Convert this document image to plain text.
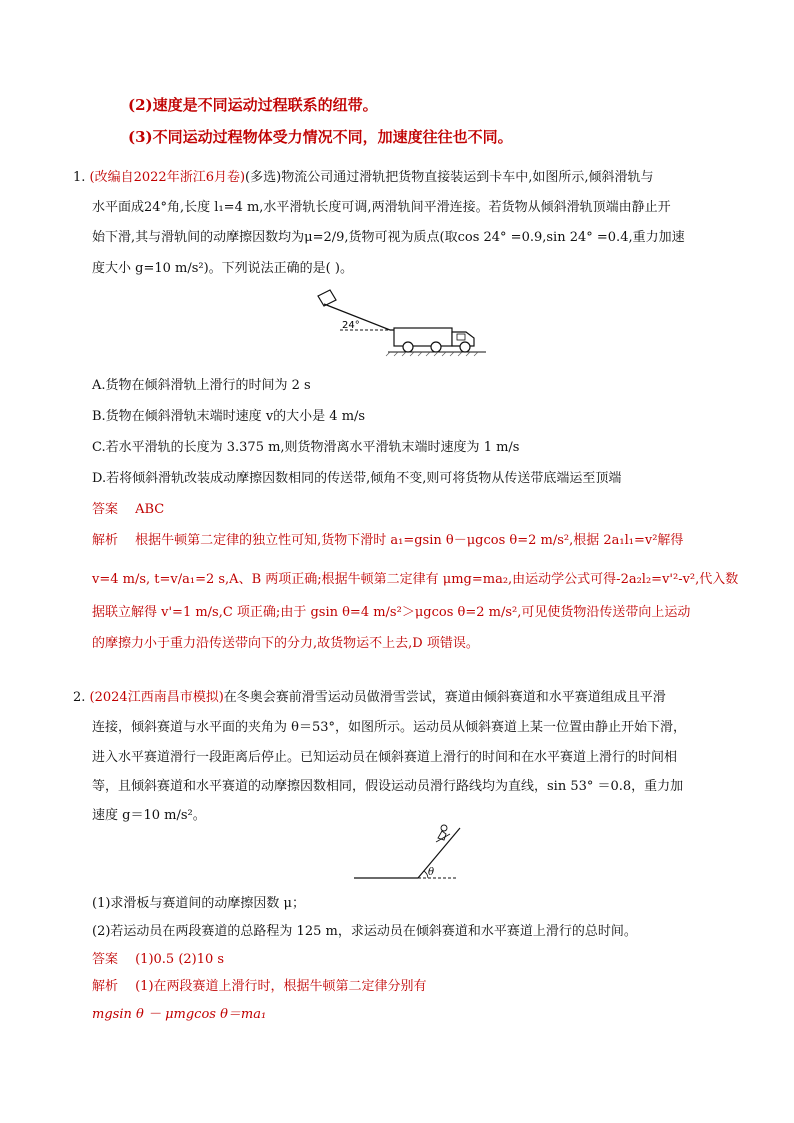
(2)速度是不同运动过程联系的纽带。
(3)不同运动过程物体受力情况不同，加速度往往也不同。
1. (改编自2022年浙江6月卷)(多选)物流公司通过滑轨把货物直接装运到卡车中,如图所示,倾斜滑轨与
水平面成24°角,长度 l₁=4 m,水平滑轨长度可调,两滑轨间平滑连接。若货物从倾斜滑轨顶端由静止开
始下滑,其与滑轨间的动摩擦因数均为μ=2/9,货物可视为质点(取cos 24° =0.9,sin 24° =0.4,重力加速
度大小 g=10 m/s²)。下列说法正确的是( )。
24°
A.货物在倾斜滑轨上滑行的时间为 2 s
B.货物在倾斜滑轨末端时速度 v的大小是 4 m/s
C.若水平滑轨的长度为 3.375 m,则货物滑离水平滑轨末端时速度为 1 m/s
D.若将倾斜滑轨改装成动摩擦因数相同的传送带,倾角不变,则可将货物从传送带底端运至顶端
答案 ABC
解析 根据牛顿第二定律的独立性可知,货物下滑时 a₁=gsin θ－μgcos θ=2 m/s²,根据 2a₁l₁=v²解得
v=4 m/s, t=v/a₁=2 s,A、B 两项正确;根据牛顿第二定律有 μmg=ma₂,由运动学公式可得-2a₂l₂=v'²-v²,代入数
据联立解得 v'=1 m/s,C 项正确;由于 gsin θ=4 m/s²＞μgcos θ=2 m/s²,可见使货物沿传送带向上运动
的摩擦力小于重力沿传送带向下的分力,故货物运不上去,D 项错误。
2. (2024江西南昌市模拟)在冬奥会赛前滑雪运动员做滑雪尝试，赛道由倾斜赛道和水平赛道组成且平滑
连接，倾斜赛道与水平面的夹角为 θ＝53°，如图所示。运动员从倾斜赛道上某一位置由静止开始下滑，
进入水平赛道滑行一段距离后停止。已知运动员在倾斜赛道上滑行的时间和在水平赛道上滑行的时间相
等，且倾斜赛道和水平赛道的动摩擦因数相同，假设运动员滑行路线均为直线，sin 53° ＝0.8，重力加
速度 g＝10 m/s²。
θ
(1)求滑板与赛道间的动摩擦因数 μ；
(2)若运动员在两段赛道的总路程为 125 m，求运动员在倾斜赛道和水平赛道上滑行的总时间。
答案 (1)0.5 (2)10 s
解析 (1)在两段赛道上滑行时，根据牛顿第二定律分别有
mgsin θ － μmgcos θ＝ma₁
